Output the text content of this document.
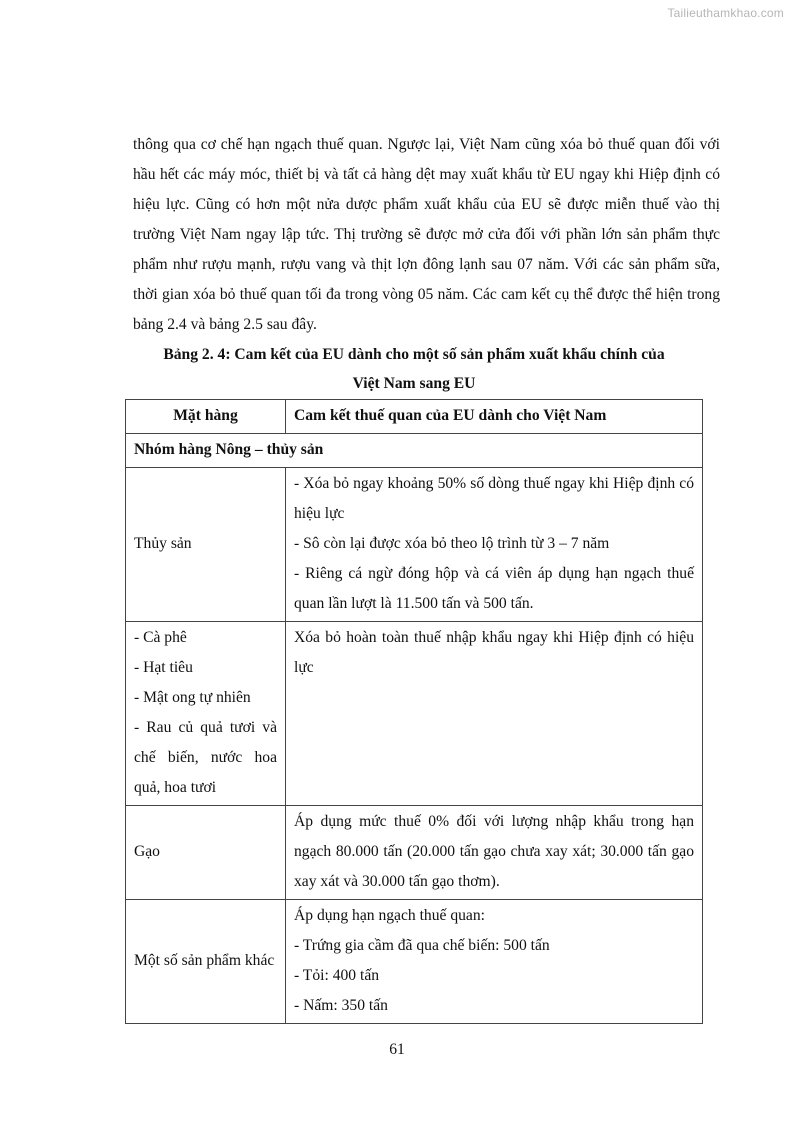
Tailieuthamkhao.com

thông qua cơ chế hạn ngạch thuế quan. Ngược lại, Việt Nam cũng xóa bỏ thuế quan đối với hầu hết các máy móc, thiết bị và tất cả hàng dệt may xuất khẩu từ EU ngay khi Hiệp định có hiệu lực. Cũng có hơn một nửa dược phẩm xuất khẩu của EU sẽ được miễn thuế vào thị trường Việt Nam ngay lập tức. Thị trường sẽ được mở cửa đối với phần lớn sản phẩm thực phẩm như rượu mạnh, rượu vang và thịt lợn đông lạnh sau 07 năm. Với các sản phẩm sữa, thời gian xóa bỏ thuế quan tối đa trong vòng 05 năm. Các cam kết cụ thể được thể hiện trong bảng 2.4 và bảng 2.5 sau đây.

Bảng 2. 4: Cam kết của EU dành cho một số sản phẩm xuất khẩu chính của
Việt Nam sang EU
Mặt hàng	Cam kết thuế quan của EU dành cho Việt Nam
Nhóm hàng Nông – thủy sản	
Thủy sản	- Xóa bỏ ngay khoảng 50% số dòng thuế ngay khi Hiệp định có hiệu lực
- Sô còn lại được xóa bỏ theo lộ trình từ 3 – 7 năm
- Riêng cá ngừ đóng hộp và cá viên áp dụng hạn ngạch thuế quan lần lượt là 11.500 tấn và 500 tấn.

- Cà phê
- Hạt tiêu
- Mật ong tự nhiên
- Rau củ quả tươi và chế biến, nước hoa quả, hoa tươi	Xóa bỏ hoàn toàn thuế nhập khẩu ngay khi Hiệp định có hiệu lực

Gạo	Áp dụng mức thuế 0% đối với lượng nhập khẩu trong hạn ngạch 80.000 tấn (20.000 tấn gạo chưa xay xát; 30.000 tấn gạo xay xát và 30.000 tấn gạo thơm).

Một số sản phẩm khác	Áp dụng hạn ngạch thuế quan:
- Trứng gia cầm đã qua chế biến: 500 tấn
- Tỏi: 400 tấn
- Nấm: 350 tấn
61
